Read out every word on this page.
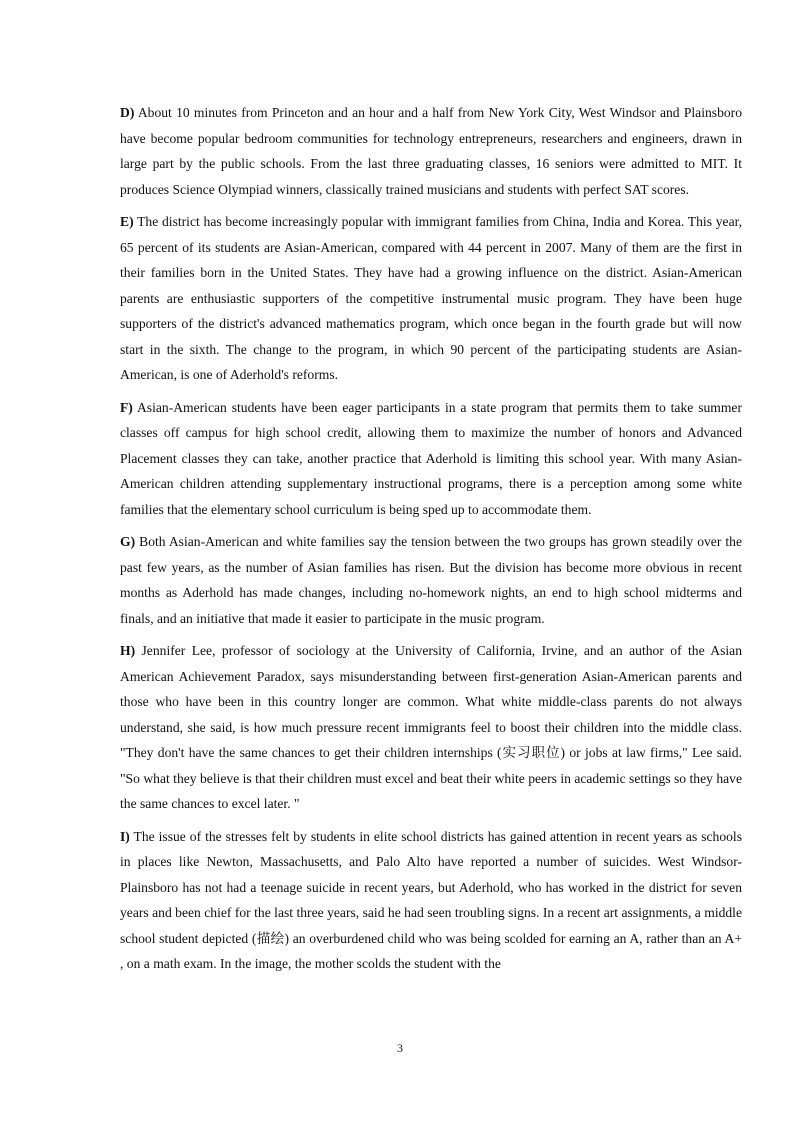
D) About 10 minutes from Princeton and an hour and a half from New York City, West Windsor and Plainsboro have become popular bedroom communities for technology entrepreneurs, researchers and engineers, drawn in large part by the public schools. From the last three graduating classes, 16 seniors were admitted to MIT. It produces Science Olympiad winners, classically trained musicians and students with perfect SAT scores.

E) The district has become increasingly popular with immigrant families from China, India and Korea. This year, 65 percent of its students are Asian-American, compared with 44 percent in 2007. Many of them are the first in their families born in the United States. They have had a growing influence on the district. Asian-American parents are enthusiastic supporters of the competitive instrumental music program. They have been huge supporters of the district's advanced mathematics program, which once began in the fourth grade but will now start in the sixth. The change to the program, in which 90 percent of the participating students are Asian-American, is one of Aderhold's reforms.

F) Asian-American students have been eager participants in a state program that permits them to take summer classes off campus for high school credit, allowing them to maximize the number of honors and Advanced Placement classes they can take, another practice that Aderhold is limiting this school year. With many Asian-American children attending supplementary instructional programs, there is a perception among some white families that the elementary school curriculum is being sped up to accommodate them.

G) Both Asian-American and white families say the tension between the two groups has grown steadily over the past few years, as the number of Asian families has risen. But the division has become more obvious in recent months as Aderhold has made changes, including no-homework nights, an end to high school midterms and finals, and an initiative that made it easier to participate in the music program.

H) Jennifer Lee, professor of sociology at the University of California, Irvine, and an author of the Asian American Achievement Paradox, says misunderstanding between first-generation Asian-American parents and those who have been in this country longer are common. What white middle-class parents do not always understand, she said, is how much pressure recent immigrants feel to boost their children into the middle class. "They don't have the same chances to get their children internships (实习职位) or jobs at law firms," Lee said. "So what they believe is that their children must excel and beat their white peers in academic settings so they have the same chances to excel later. "

I) The issue of the stresses felt by students in elite school districts has gained attention in recent years as schools in places like Newton, Massachusetts, and Palo Alto have reported a number of suicides. West Windsor-Plainsboro has not had a teenage suicide in recent years, but Aderhold, who has worked in the district for seven years and been chief for the last three years, said he had seen troubling signs. In a recent art assignments, a middle school student depicted (描绘) an overburdened child who was being scolded for earning an A, rather than an A+ , on a math exam. In the image, the mother scolds the student with the

3
